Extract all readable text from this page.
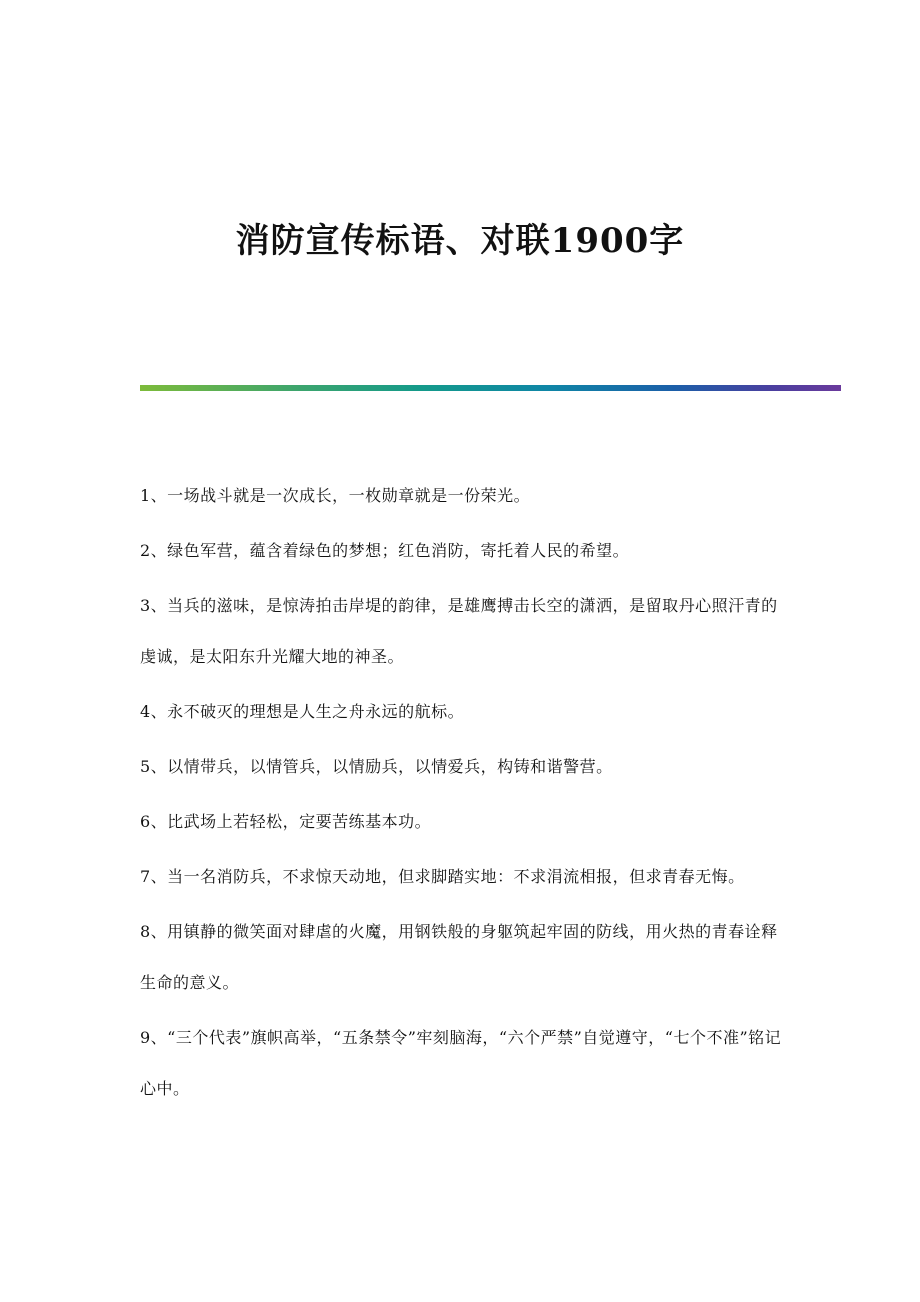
消防宣传标语、对联1900字
1、一场战斗就是一次成长，一枚勋章就是一份荣光。
2、绿色军营，蕴含着绿色的梦想；红色消防，寄托着人民的希望。
3、当兵的滋味，是惊涛拍击岸堤的韵律，是雄鹰搏击长空的潇洒，是留取丹心照汗青的虔诚，是太阳东升光耀大地的神圣。
4、永不破灭的理想是人生之舟永远的航标。
5、以情带兵，以情管兵，以情励兵，以情爱兵，构铸和谐警营。
6、比武场上若轻松，定要苦练基本功。
7、当一名消防兵，不求惊天动地，但求脚踏实地：不求涓流相报，但求青春无悔。
8、用镇静的微笑面对肆虐的火魔，用钢铁般的身躯筑起牢固的防线，用火热的青春诠释生命的意义。
9、“三个代表”旗帜高举，“五条禁令”牢刻脑海，“六个严禁”自觉遵守，“七个不准”铭记心中。
